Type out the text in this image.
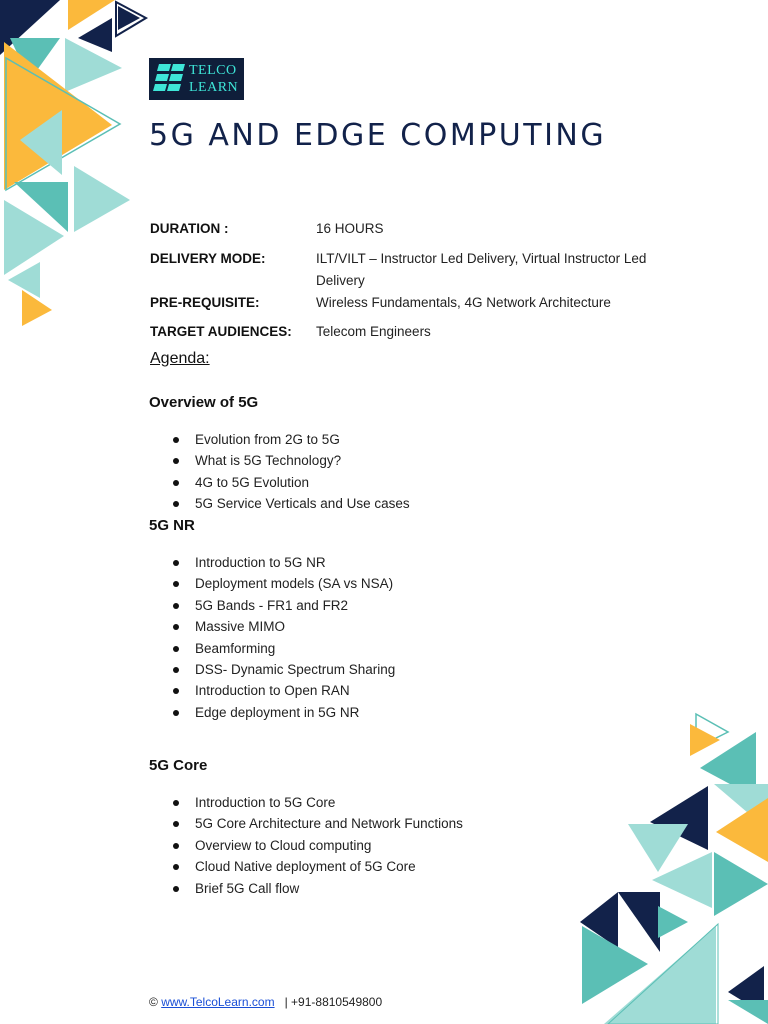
TELCO
LEARN
5G AND EDGE COMPUTING
DURATION :	16 HOURS
DELIVERY MODE:	ILT/VILT – Instructor Led Delivery, Virtual Instructor Led Delivery
PRE-REQUISITE:	Wireless Fundamentals, 4G Network Architecture
TARGET AUDIENCES:	Telecom Engineers
Agenda:
Overview of 5G
Evolution from 2G to 5G
What is 5G Technology?
4G to 5G Evolution
5G Service Verticals and Use cases
5G NR
Introduction to 5G NR
Deployment models (SA vs NSA)
5G Bands - FR1 and FR2
Massive MIMO
Beamforming
DSS- Dynamic Spectrum Sharing
Introduction to Open RAN
Edge deployment in 5G NR
5G Core
Introduction to 5G Core
5G Core Architecture and Network Functions
Overview to Cloud computing
Cloud Native deployment of 5G Core
Brief 5G Call flow
© www.TelcoLearn.com | +91-8810549800
